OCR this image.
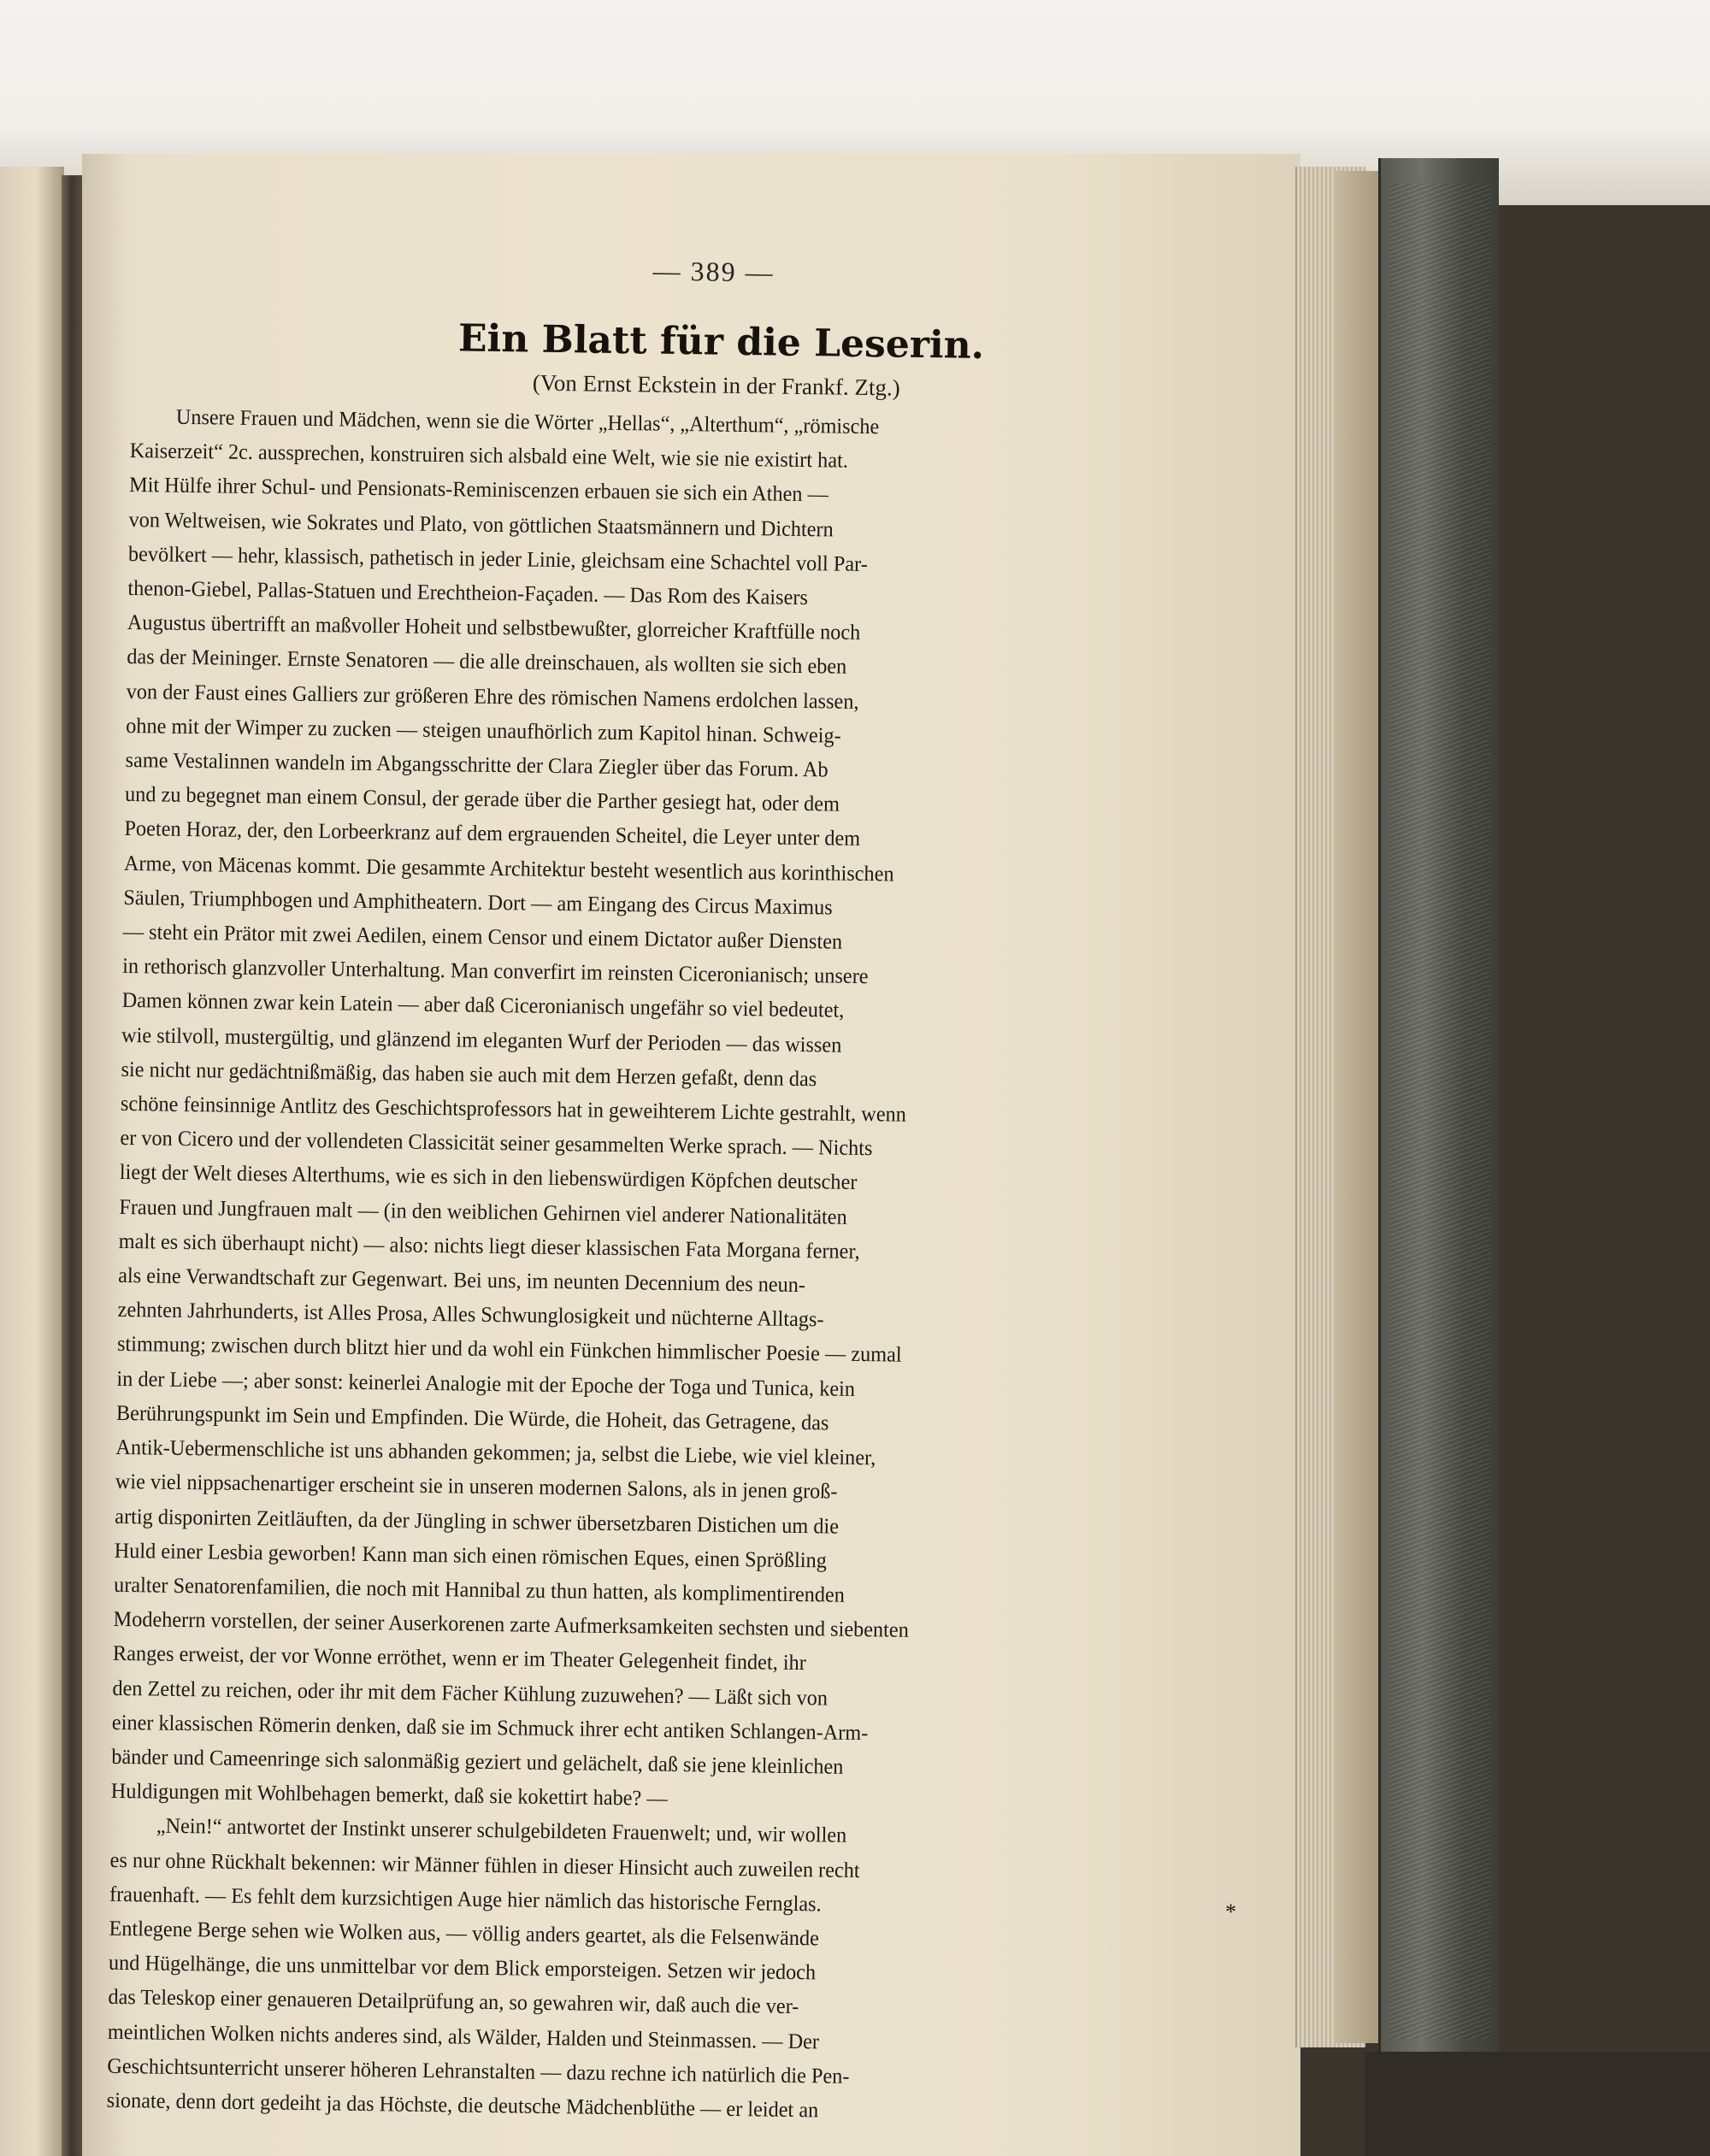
— 389 —
Ein Blatt für die Leserin.
(Von Ernst Eckstein in der Frankf. Ztg.)
Unsere Frauen und Mädchen, wenn sie die Wörter „Hellas“, „Alterthum“, „römische
Kaiserzeit“ 2c. aussprechen, konstruiren sich alsbald eine Welt, wie sie nie existirt hat.
Mit Hülfe ihrer Schul- und Pensionats-Reminiscenzen erbauen sie sich ein Athen —
von Weltweisen, wie Sokrates und Plato, von göttlichen Staatsmännern und Dichtern
bevölkert — hehr, klassisch, pathetisch in jeder Linie, gleichsam eine Schachtel voll Par-
thenon-Giebel, Pallas-Statuen und Erechtheion-Façaden. — Das Rom des Kaisers
Augustus übertrifft an maßvoller Hoheit und selbstbewußter, glorreicher Kraftfülle noch
das der Meininger. Ernste Senatoren — die alle dreinschauen, als wollten sie sich eben
von der Faust eines Galliers zur größeren Ehre des römischen Namens erdolchen lassen,
ohne mit der Wimper zu zucken — steigen unaufhörlich zum Kapitol hinan. Schweig-
same Vestalinnen wandeln im Abgangsschritte der Clara Ziegler über das Forum. Ab
und zu begegnet man einem Consul, der gerade über die Parther gesiegt hat, oder dem
Poeten Horaz, der, den Lorbeerkranz auf dem ergrauenden Scheitel, die Leyer unter dem
Arme, von Mäcenas kommt. Die gesammte Architektur besteht wesentlich aus korinthischen
Säulen, Triumphbogen und Amphitheatern. Dort — am Eingang des Circus Maximus
— steht ein Prätor mit zwei Aedilen, einem Censor und einem Dictator außer Diensten
in rethorisch glanzvoller Unterhaltung. Man converfirt im reinsten Ciceronianisch; unsere
Damen können zwar kein Latein — aber daß Ciceronianisch ungefähr so viel bedeutet,
wie stilvoll, mustergültig, und glänzend im eleganten Wurf der Perioden — das wissen
sie nicht nur gedächtnißmäßig, das haben sie auch mit dem Herzen gefaßt, denn das
schöne feinsinnige Antlitz des Geschichtsprofessors hat in geweihterem Lichte gestrahlt, wenn
er von Cicero und der vollendeten Classicität seiner gesammelten Werke sprach. — Nichts
liegt der Welt dieses Alterthums, wie es sich in den liebenswürdigen Köpfchen deutscher
Frauen und Jungfrauen malt — (in den weiblichen Gehirnen viel anderer Nationalitäten
malt es sich überhaupt nicht) — also: nichts liegt dieser klassischen Fata Morgana ferner,
als eine Verwandtschaft zur Gegenwart. Bei uns, im neunten Decennium des neun-
zehnten Jahrhunderts, ist Alles Prosa, Alles Schwunglosigkeit und nüchterne Alltags-
stimmung; zwischen durch blitzt hier und da wohl ein Fünkchen himmlischer Poesie — zumal
in der Liebe —; aber sonst: keinerlei Analogie mit der Epoche der Toga und Tunica, kein
Berührungspunkt im Sein und Empfinden. Die Würde, die Hoheit, das Getragene, das
Antik-Uebermenschliche ist uns abhanden gekommen; ja, selbst die Liebe, wie viel kleiner,
wie viel nippsachenartiger erscheint sie in unseren modernen Salons, als in jenen groß-
artig disponirten Zeitläuften, da der Jüngling in schwer übersetzbaren Distichen um die
Huld einer Lesbia geworben! Kann man sich einen römischen Eques, einen Sprößling
uralter Senatorenfamilien, die noch mit Hannibal zu thun hatten, als komplimentirenden
Modeherrn vorstellen, der seiner Auserkorenen zarte Aufmerksamkeiten sechsten und siebenten
Ranges erweist, der vor Wonne erröthet, wenn er im Theater Gelegenheit findet, ihr
den Zettel zu reichen, oder ihr mit dem Fächer Kühlung zuzuwehen? — Läßt sich von
einer klassischen Römerin denken, daß sie im Schmuck ihrer echt antiken Schlangen-Arm-
bänder und Cameenringe sich salonmäßig geziert und gelächelt, daß sie jene kleinlichen
Huldigungen mit Wohlbehagen bemerkt, daß sie kokettirt habe? —
„Nein!“ antwortet der Instinkt unserer schulgebildeten Frauenwelt; und, wir wollen
es nur ohne Rückhalt bekennen: wir Männer fühlen in dieser Hinsicht auch zuweilen recht
frauenhaft. — Es fehlt dem kurzsichtigen Auge hier nämlich das historische Fernglas.
Entlegene Berge sehen wie Wolken aus, — völlig anders geartet, als die Felsenwände
und Hügelhänge, die uns unmittelbar vor dem Blick emporsteigen. Setzen wir jedoch
das Teleskop einer genaueren Detailprüfung an, so gewahren wir, daß auch die ver-
meintlichen Wolken nichts anderes sind, als Wälder, Halden und Steinmassen. — Der
Geschichtsunterricht unserer höheren Lehranstalten — dazu rechne ich natürlich die Pen-
sionate, denn dort gedeiht ja das Höchste, die deutsche Mädchenblüthe — er leidet an
*
